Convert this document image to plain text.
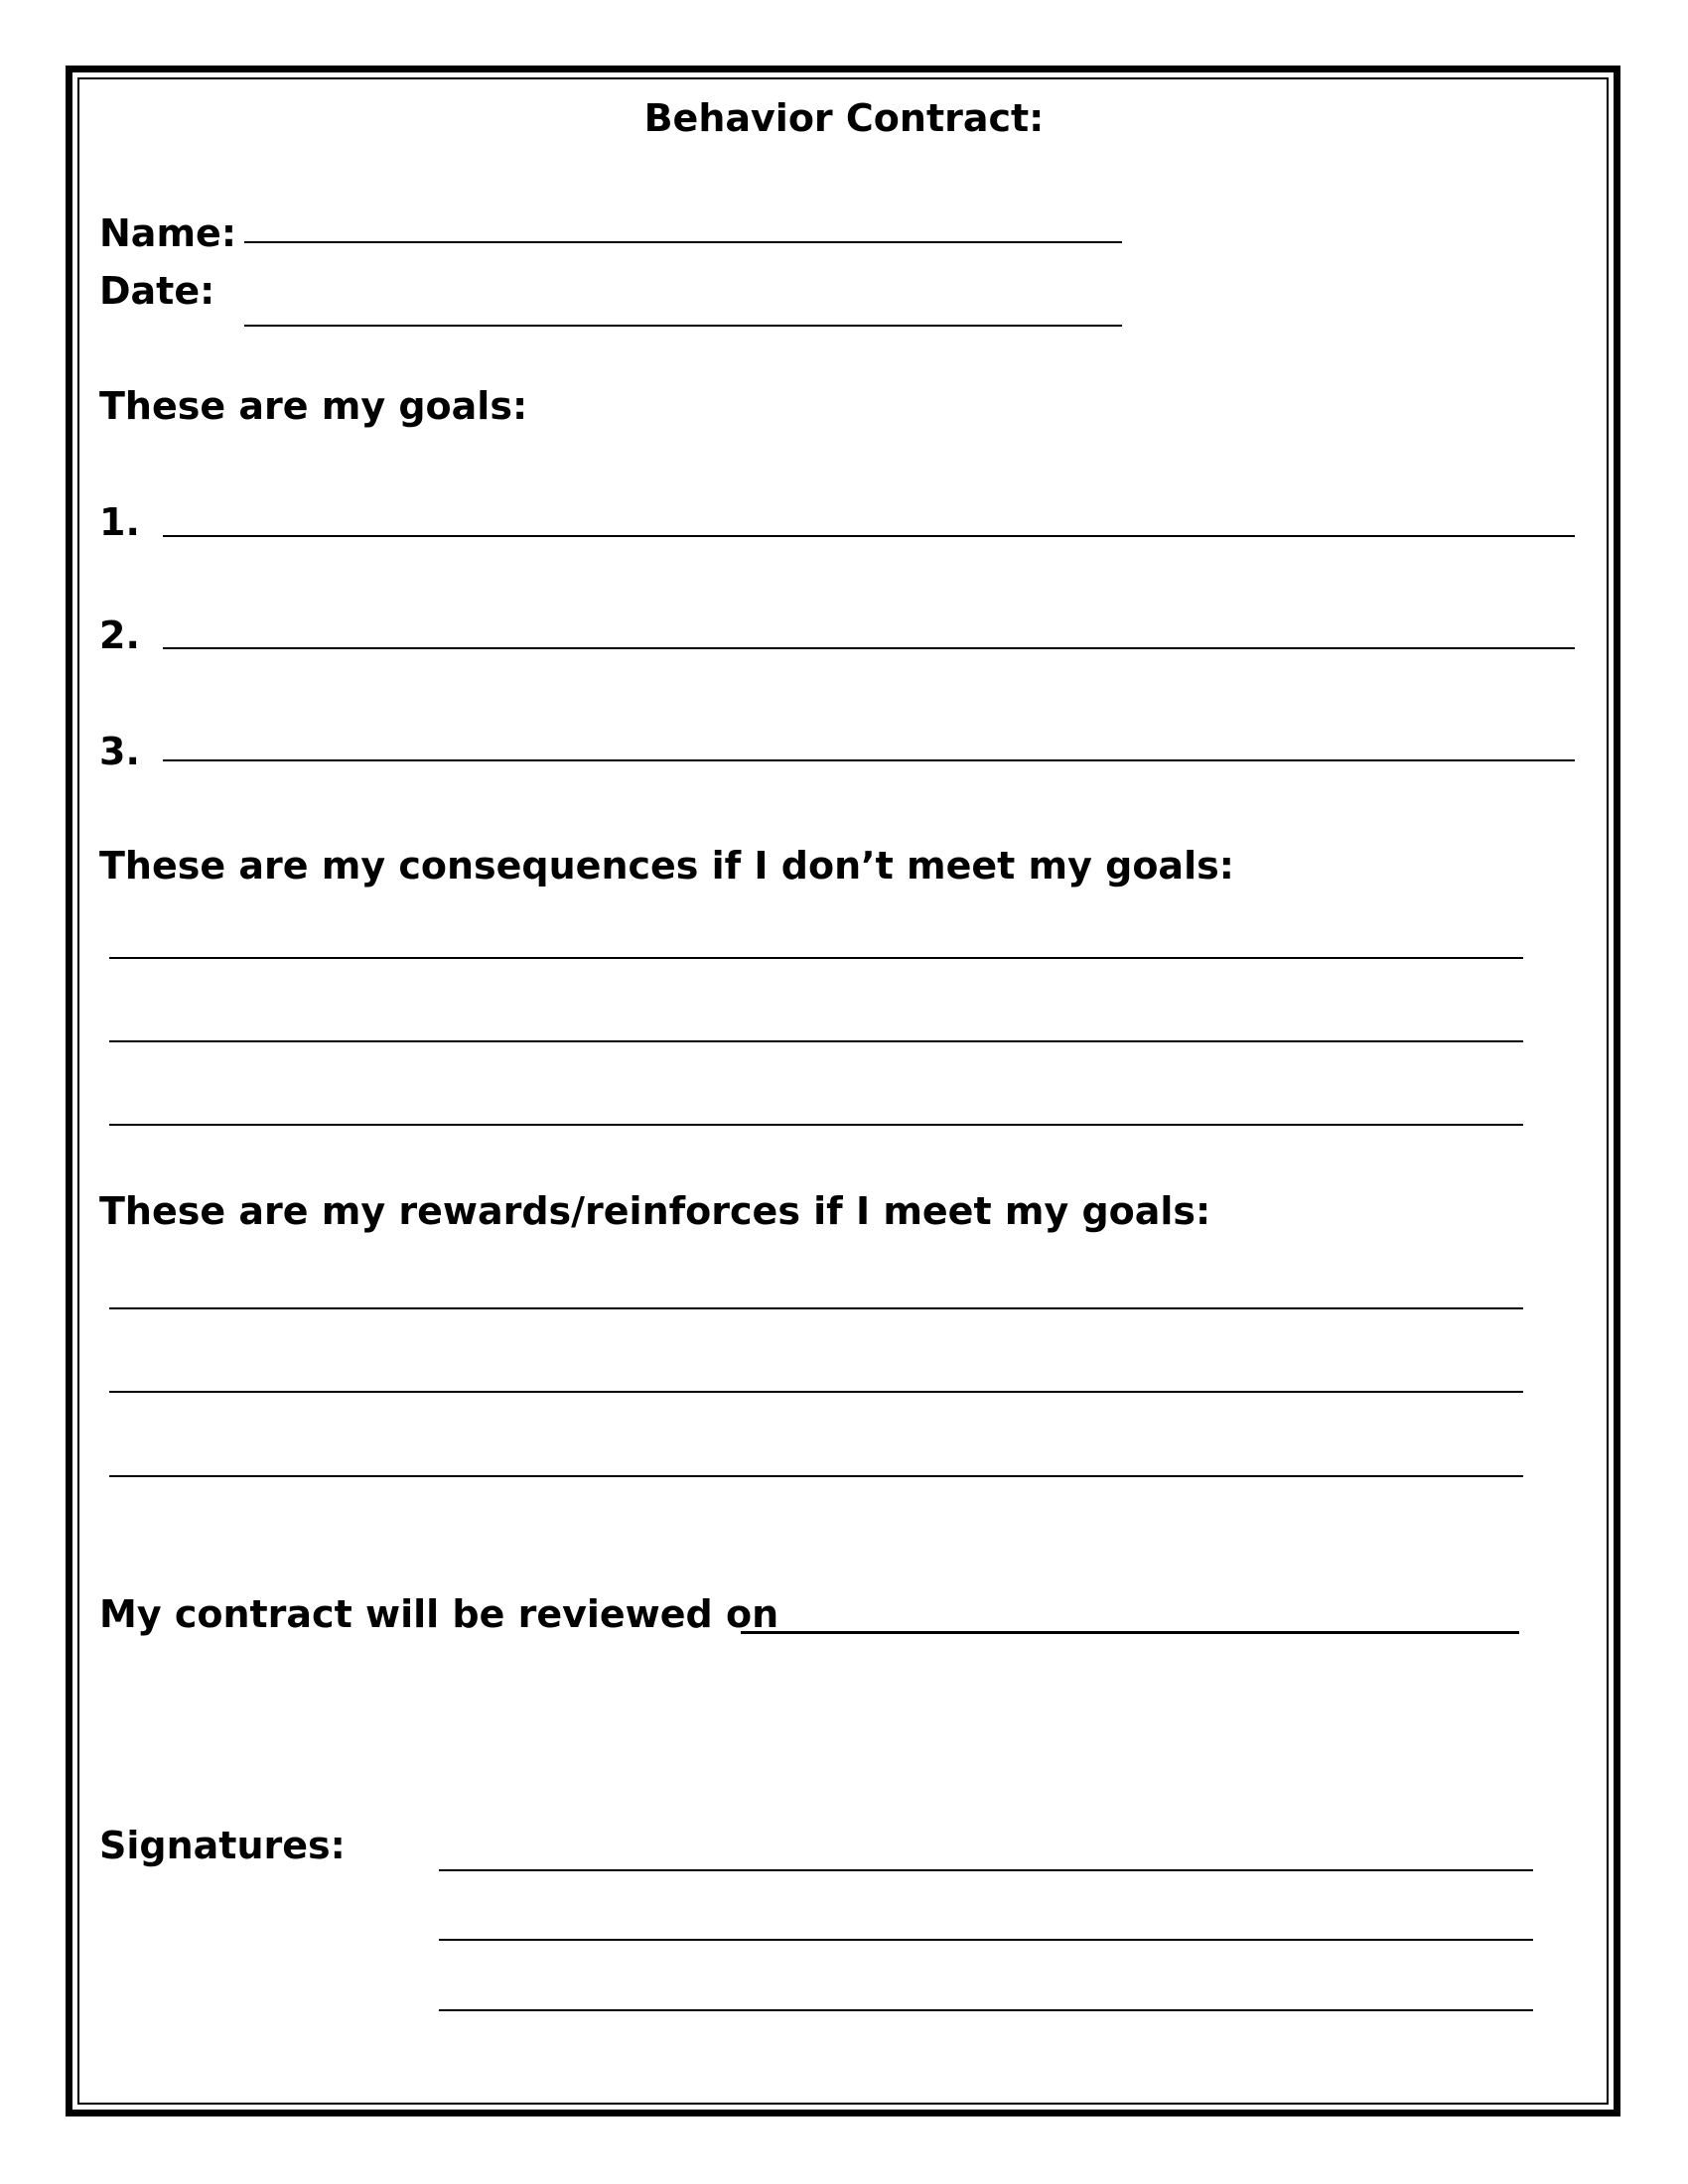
Behavior Contract:
Name:
Date:
These are my goals:
1.
2.
3.
These are my consequences if I don’t meet my goals:
These are my rewards/reinforces if I meet my goals:
My contract will be reviewed on
Signatures:
